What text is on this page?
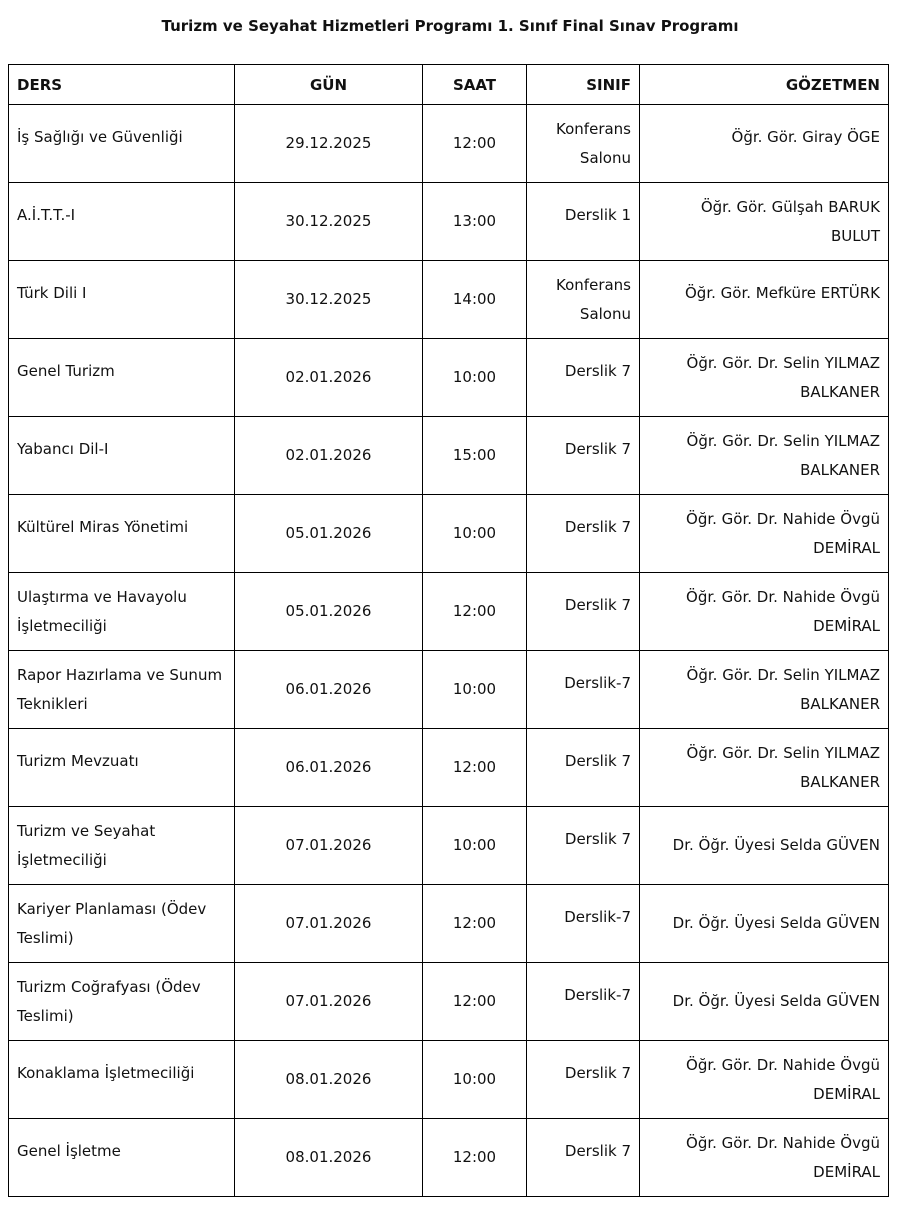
Turizm ve Seyahat Hizmetleri Programı 1. Sınıf Final Sınav Programı
DERS	GÜN	SAAT	SINIF	GÖZETMEN
İş Sağlığı ve Güvenliği	29.12.2025	12:00	Konferans Salonu	Öğr. Gör. Giray ÖGE
A.İ.T.T.-I	30.12.2025	13:00	Derslik 1	Öğr. Gör. Gülşah BARUK BULUT
Türk Dili I	30.12.2025	14:00	Konferans Salonu	Öğr. Gör. Mefküre ERTÜRK
Genel Turizm	02.01.2026	10:00	Derslik 7	Öğr. Gör. Dr. Selin YILMAZ BALKANER
Yabancı Dil-I	02.01.2026	15:00	Derslik 7	Öğr. Gör. Dr. Selin YILMAZ BALKANER
Kültürel Miras Yönetimi	05.01.2026	10:00	Derslik 7	Öğr. Gör. Dr. Nahide Övgü DEMİRAL
Ulaştırma ve Havayolu İşletmeciliği	05.01.2026	12:00	Derslik 7	Öğr. Gör. Dr. Nahide Övgü DEMİRAL
Rapor Hazırlama ve Sunum Teknikleri	06.01.2026	10:00	Derslik-7	Öğr. Gör. Dr. Selin YILMAZ BALKANER
Turizm Mevzuatı	06.01.2026	12:00	Derslik 7	Öğr. Gör. Dr. Selin YILMAZ BALKANER
Turizm ve Seyahat İşletmeciliği	07.01.2026	10:00	Derslik 7	Dr. Öğr. Üyesi Selda GÜVEN
Kariyer Planlaması (Ödev Teslimi)	07.01.2026	12:00	Derslik-7	Dr. Öğr. Üyesi Selda GÜVEN
Turizm Coğrafyası (Ödev Teslimi)	07.01.2026	12:00	Derslik-7	Dr. Öğr. Üyesi Selda GÜVEN
Konaklama İşletmeciliği	08.01.2026	10:00	Derslik 7	Öğr. Gör. Dr. Nahide Övgü DEMİRAL
Genel İşletme	08.01.2026	12:00	Derslik 7	Öğr. Gör. Dr. Nahide Övgü DEMİRAL
